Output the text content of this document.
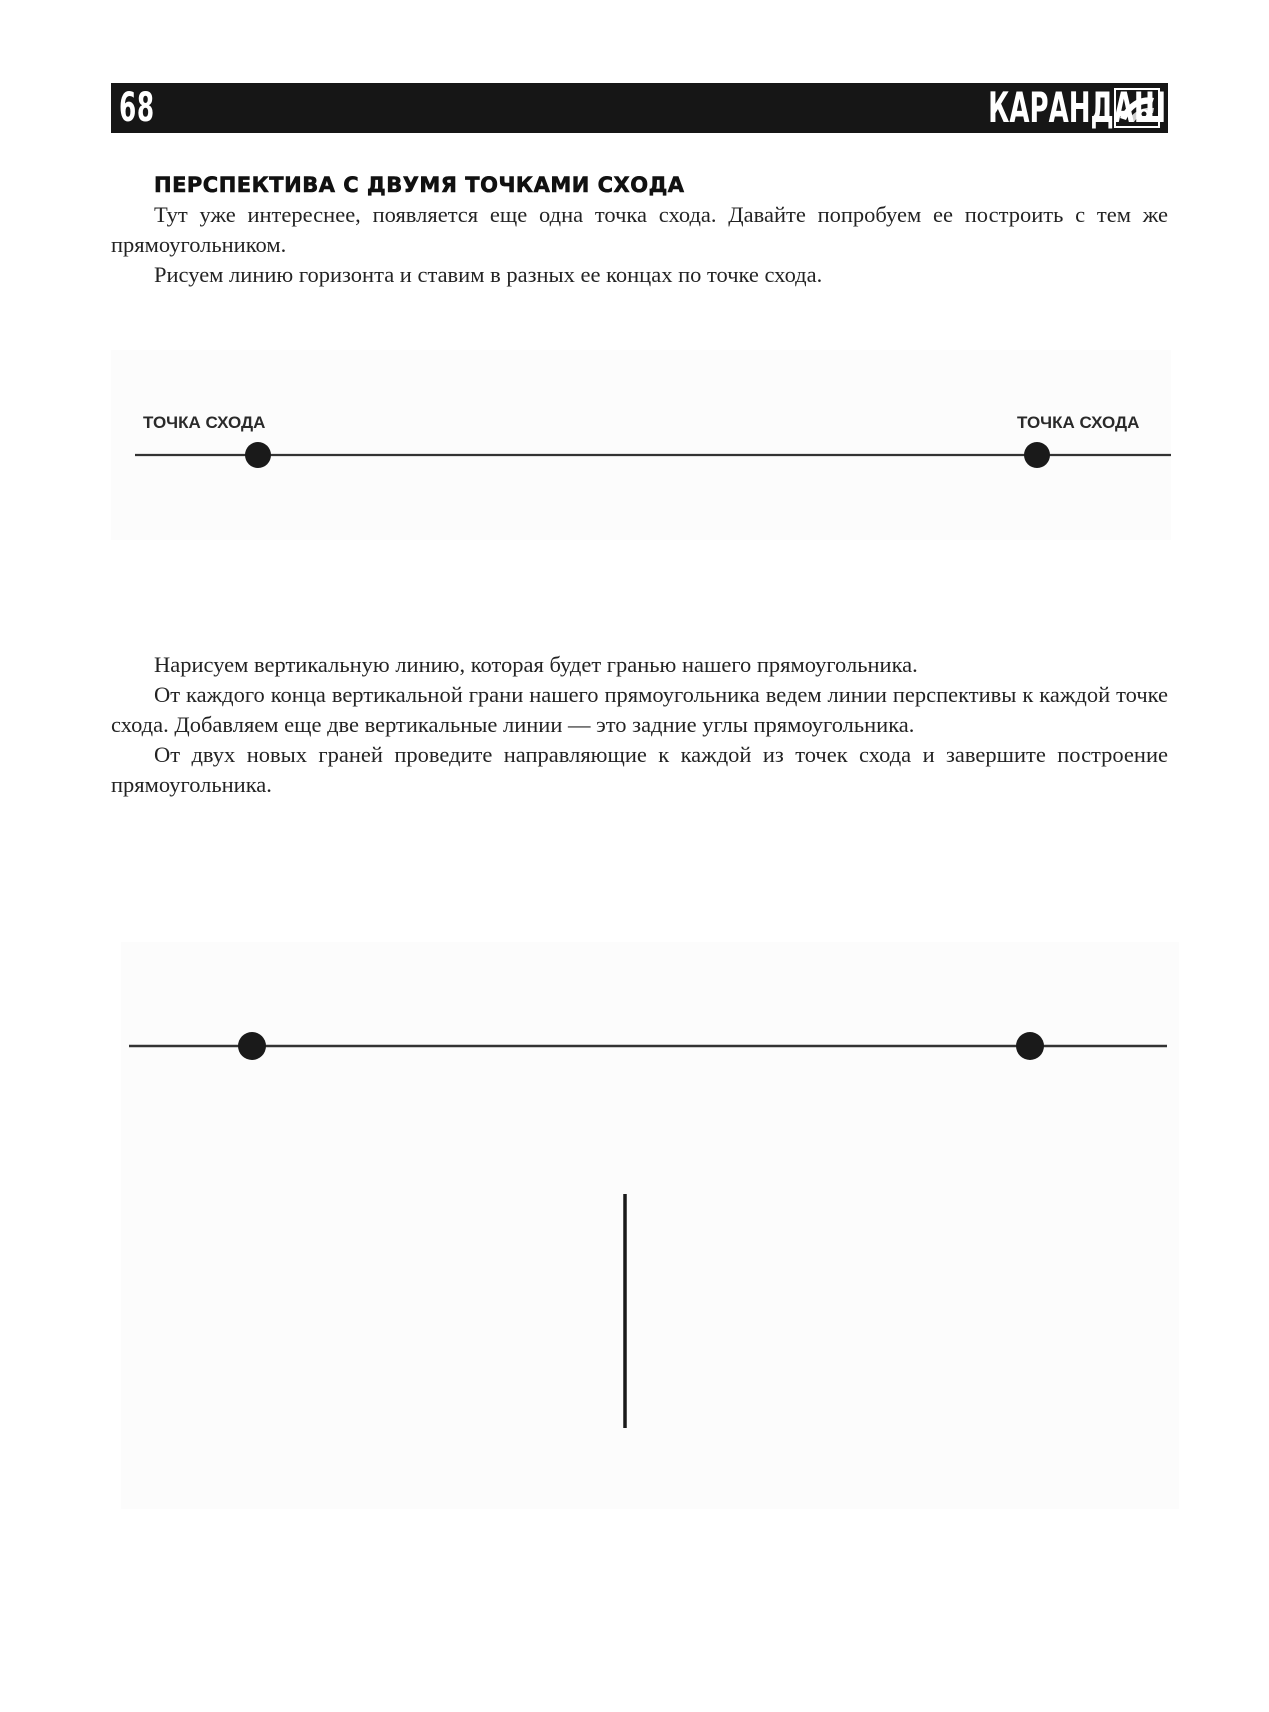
68	КАРАНДАШ
ПЕРСПЕКТИВА С ДВУМЯ ТОЧКАМИ СХОДА

Тут уже интереснее, появляется еще одна точка схода. Давайте попробуем ее построить с тем же прямоугольником.

Рисуем линию горизонта и ставим в разных ее концах по точке схода.

ТОЧКА СХОДА	ТОЧКА СХОДА

Нарисуем вертикальную линию, которая будет гранью нашего прямоугольника.

От каждого конца вертикальной грани нашего прямоугольника ведем линии перспективы к каждой точке схода. Добавляем еще две вертикальные линии — это задние углы прямоугольника.

От двух новых граней проведите направляющие к каждой из точек схода и завершите построение прямоугольника.
